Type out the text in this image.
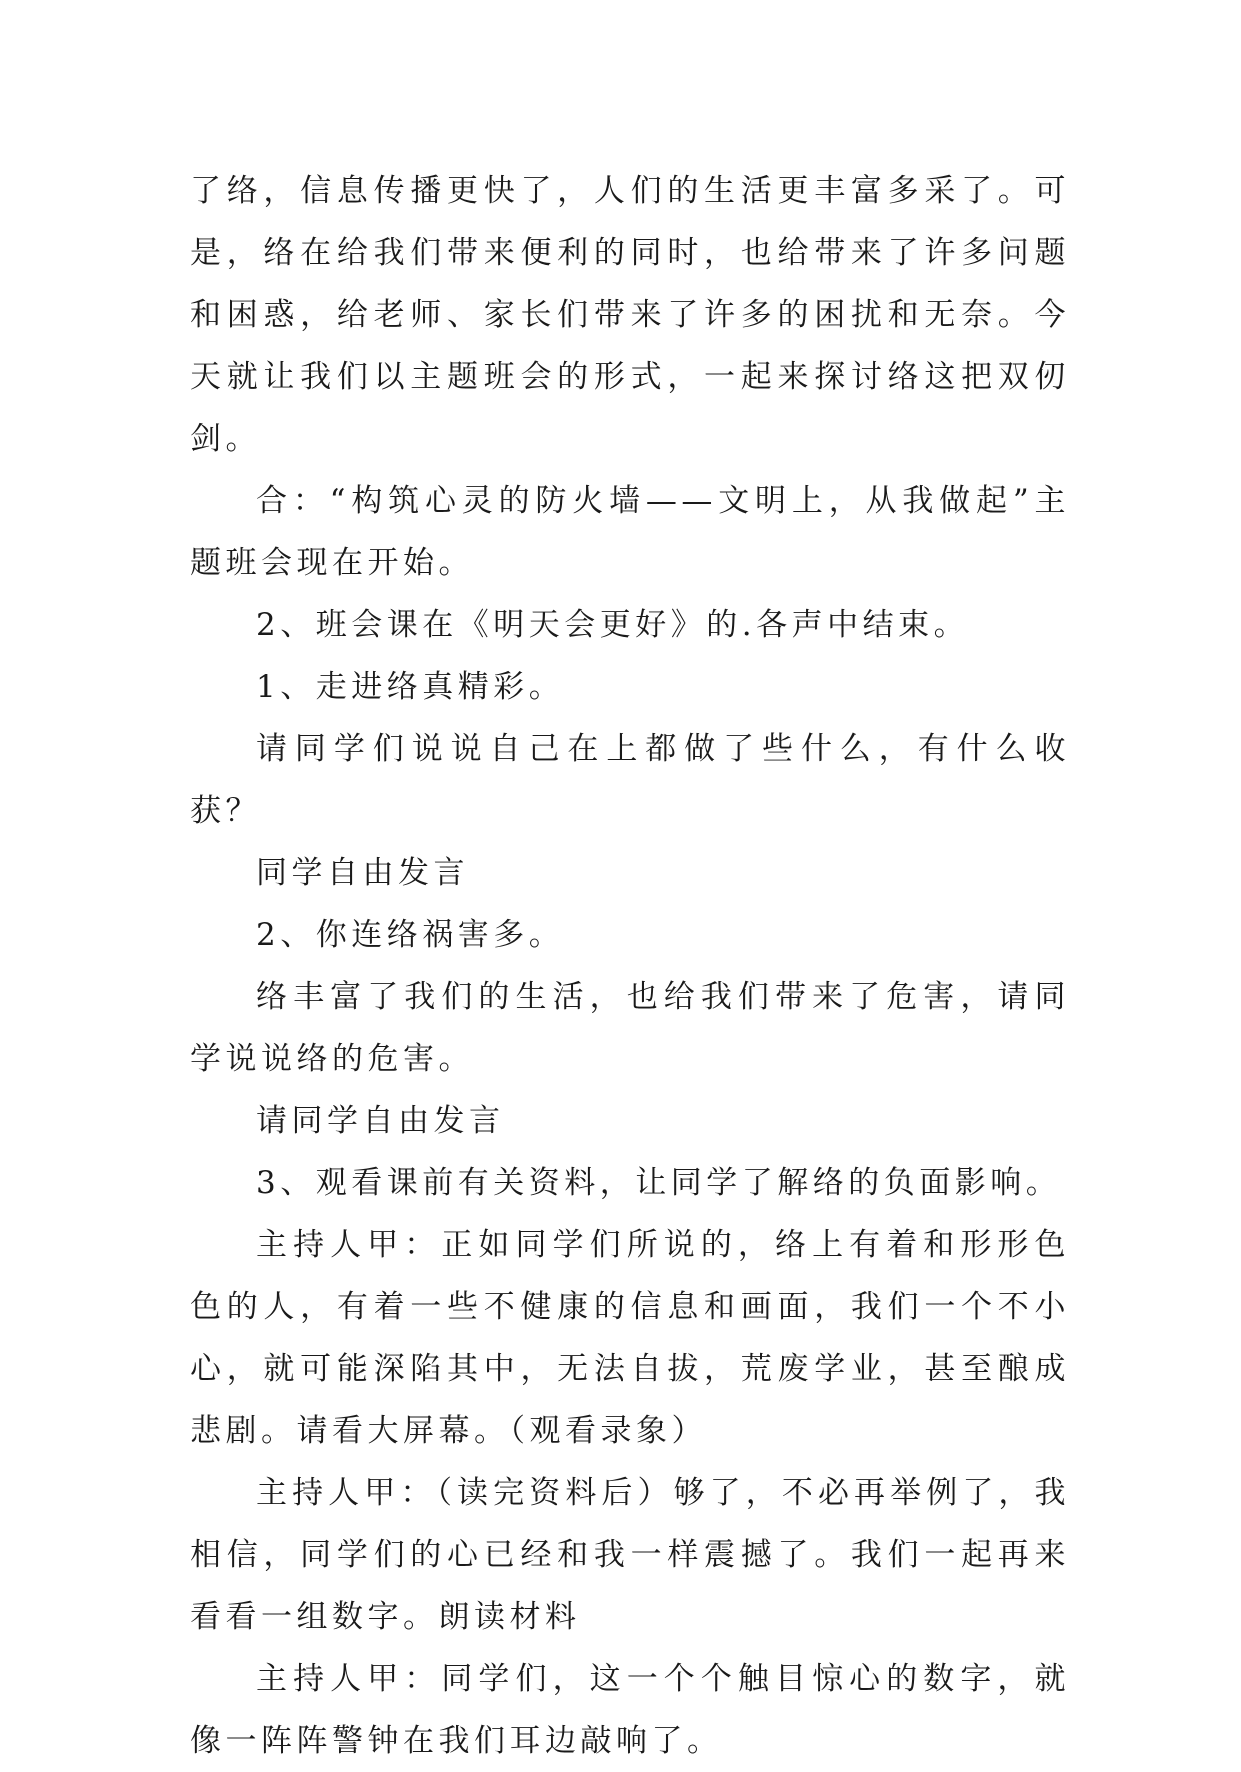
了络，信息传播更快了，人们的生活更丰富多采了。可是，络在给我们带来便利的同时，也给带来了许多问题和困惑，给老师、家长们带来了许多的困扰和无奈。今天就让我们以主题班会的形式，一起来探讨络这把双仞剑。

合：“构筑心灵的防火墙——文明上，从我做起”主题班会现在开始。

2、班会课在《明天会更好》的.各声中结束。

1、走进络真精彩。

请同学们说说自己在上都做了些什么，有什么收获？

同学自由发言

2、你连络祸害多。

络丰富了我们的生活，也给我们带来了危害，请同学说说络的危害。

请同学自由发言

3、观看课前有关资料，让同学了解络的负面影响。

主持人甲：正如同学们所说的，络上有着和形形色色的人，有着一些不健康的信息和画面，我们一个不小心，就可能深陷其中，无法自拔，荒废学业，甚至酿成悲剧。请看大屏幕。（观看录象）

主持人甲：（读完资料后）够了，不必再举例了，我相信，同学们的心已经和我一样震撼了。我们一起再来看看一组数字。朗读材料

主持人甲：同学们，这一个个触目惊心的数字，就像一阵阵警钟在我们耳边敲响了。
